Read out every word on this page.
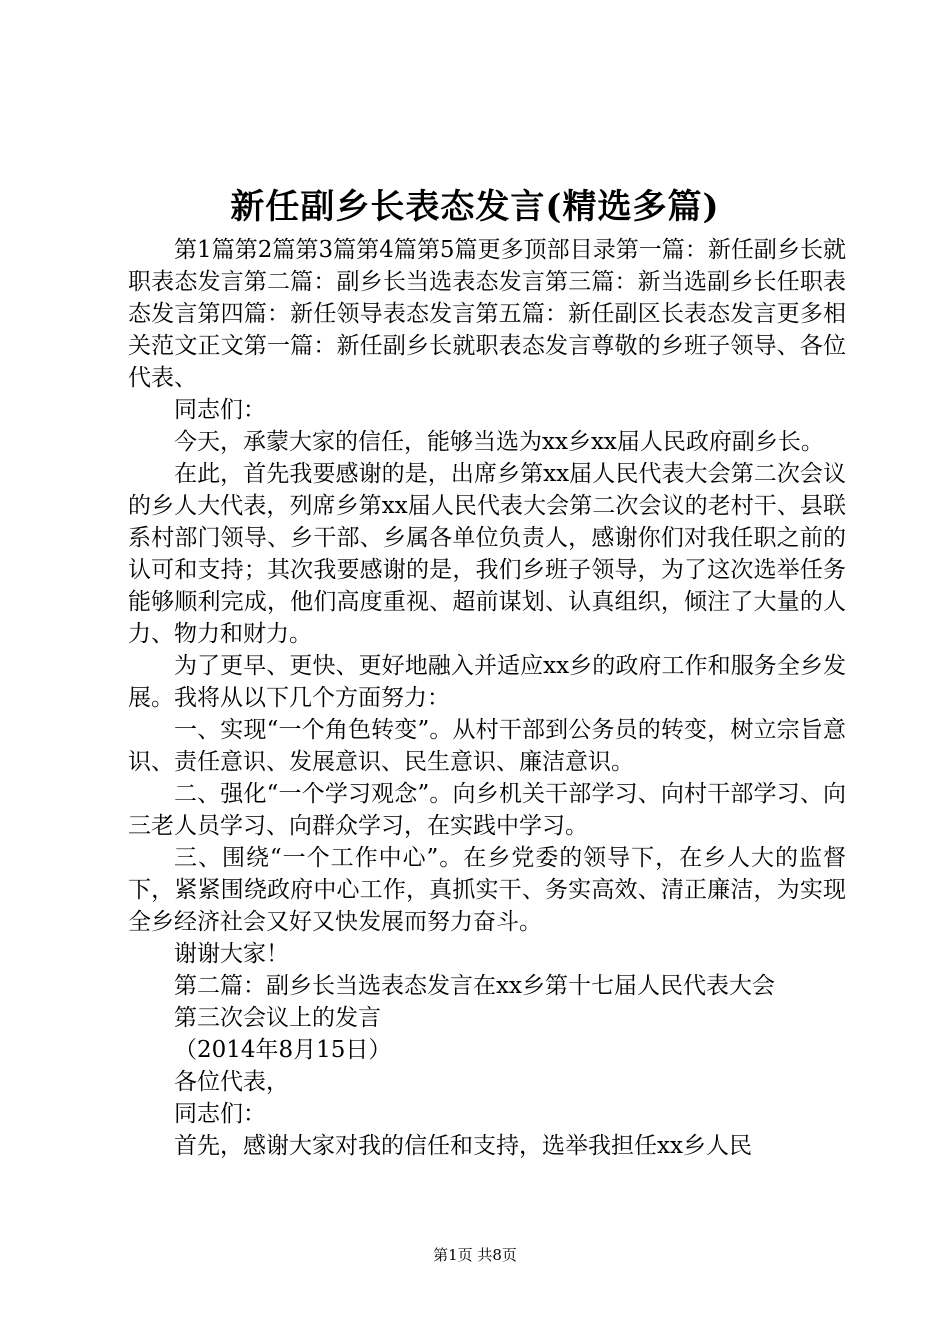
新任副乡长表态发言(精选多篇)

第1篇第2篇第3篇第4篇第5篇更多顶部目录第一篇：新任副乡长就职表态发言第二篇：副乡长当选表态发言第三篇：新当选副乡长任职表态发言第四篇：新任领导表态发言第五篇：新任副区长表态发言更多相关范文正文第一篇：新任副乡长就职表态发言尊敬的乡班子领导、各位代表、

同志们：

今天，承蒙大家的信任，能够当选为xx乡xx届人民政府副乡长。

在此，首先我要感谢的是，出席乡第xx届人民代表大会第二次会议的乡人大代表，列席乡第xx届人民代表大会第二次会议的老村干、县联系村部门领导、乡干部、乡属各单位负责人，感谢你们对我任职之前的认可和支持；其次我要感谢的是，我们乡班子领导，为了这次选举任务能够顺利完成，他们高度重视、超前谋划、认真组织，倾注了大量的人力、物力和财力。

为了更早、更快、更好地融入并适应xx乡的政府工作和服务全乡发展。我将从以下几个方面努力：

一、实现“一个角色转变”。从村干部到公务员的转变，树立宗旨意识、责任意识、发展意识、民生意识、廉洁意识。

二、强化“一个学习观念”。向乡机关干部学习、向村干部学习、向三老人员学习、向群众学习，在实践中学习。

三、围绕“一个工作中心”。在乡党委的领导下，在乡人大的监督下，紧紧围绕政府中心工作，真抓实干、务实高效、清正廉洁，为实现全乡经济社会又好又快发展而努力奋斗。

谢谢大家！

第二篇：副乡长当选表态发言在xx乡第十七届人民代表大会

第三次会议上的发言

（2014年8月15日）

各位代表，

同志们：

首先，感谢大家对我的信任和支持，选举我担任xx乡人民

第1页 共8页
